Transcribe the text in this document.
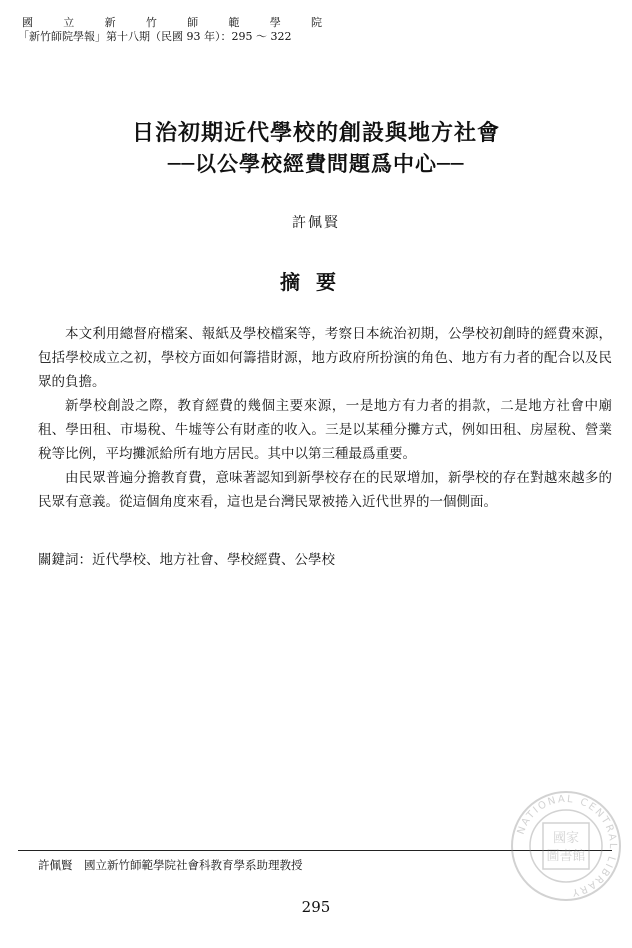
國	立	新	竹	師	範	學	院
「新竹師院學報」第十八期（民國 93 年）：295 ～ 322
日治初期近代學校的創設與地方社會
──以公學校經費問題爲中心──
許佩賢
摘要

本文利用總督府檔案、報紙及學校檔案等，考察日本統治初期，公學校初創時的經費來源，包括學校成立之初，學校方面如何籌措財源，地方政府所扮演的角色、地方有力者的配合以及民眾的負擔。

新學校創設之際，教育經費的幾個主要來源，一是地方有力者的捐款，二是地方社會中廟租、學田租、市場稅、牛墟等公有財產的收入。三是以某種分攤方式，例如田租、房屋稅、營業稅等比例，平均攤派給所有地方居民。其中以第三種最爲重要。

由民眾普遍分擔教育費，意味著認知到新學校存在的民眾增加，新學校的存在對越來越多的民眾有意義。從這個角度來看，這也是台灣民眾被捲入近代世界的一個側面。

關鍵詞：近代學校、地方社會、學校經費、公學校
許佩賢　國立新竹師範學院社會科教育學系助理教授
295
NATIONAL CENTRAL LIBRARY
國家
圖書館
